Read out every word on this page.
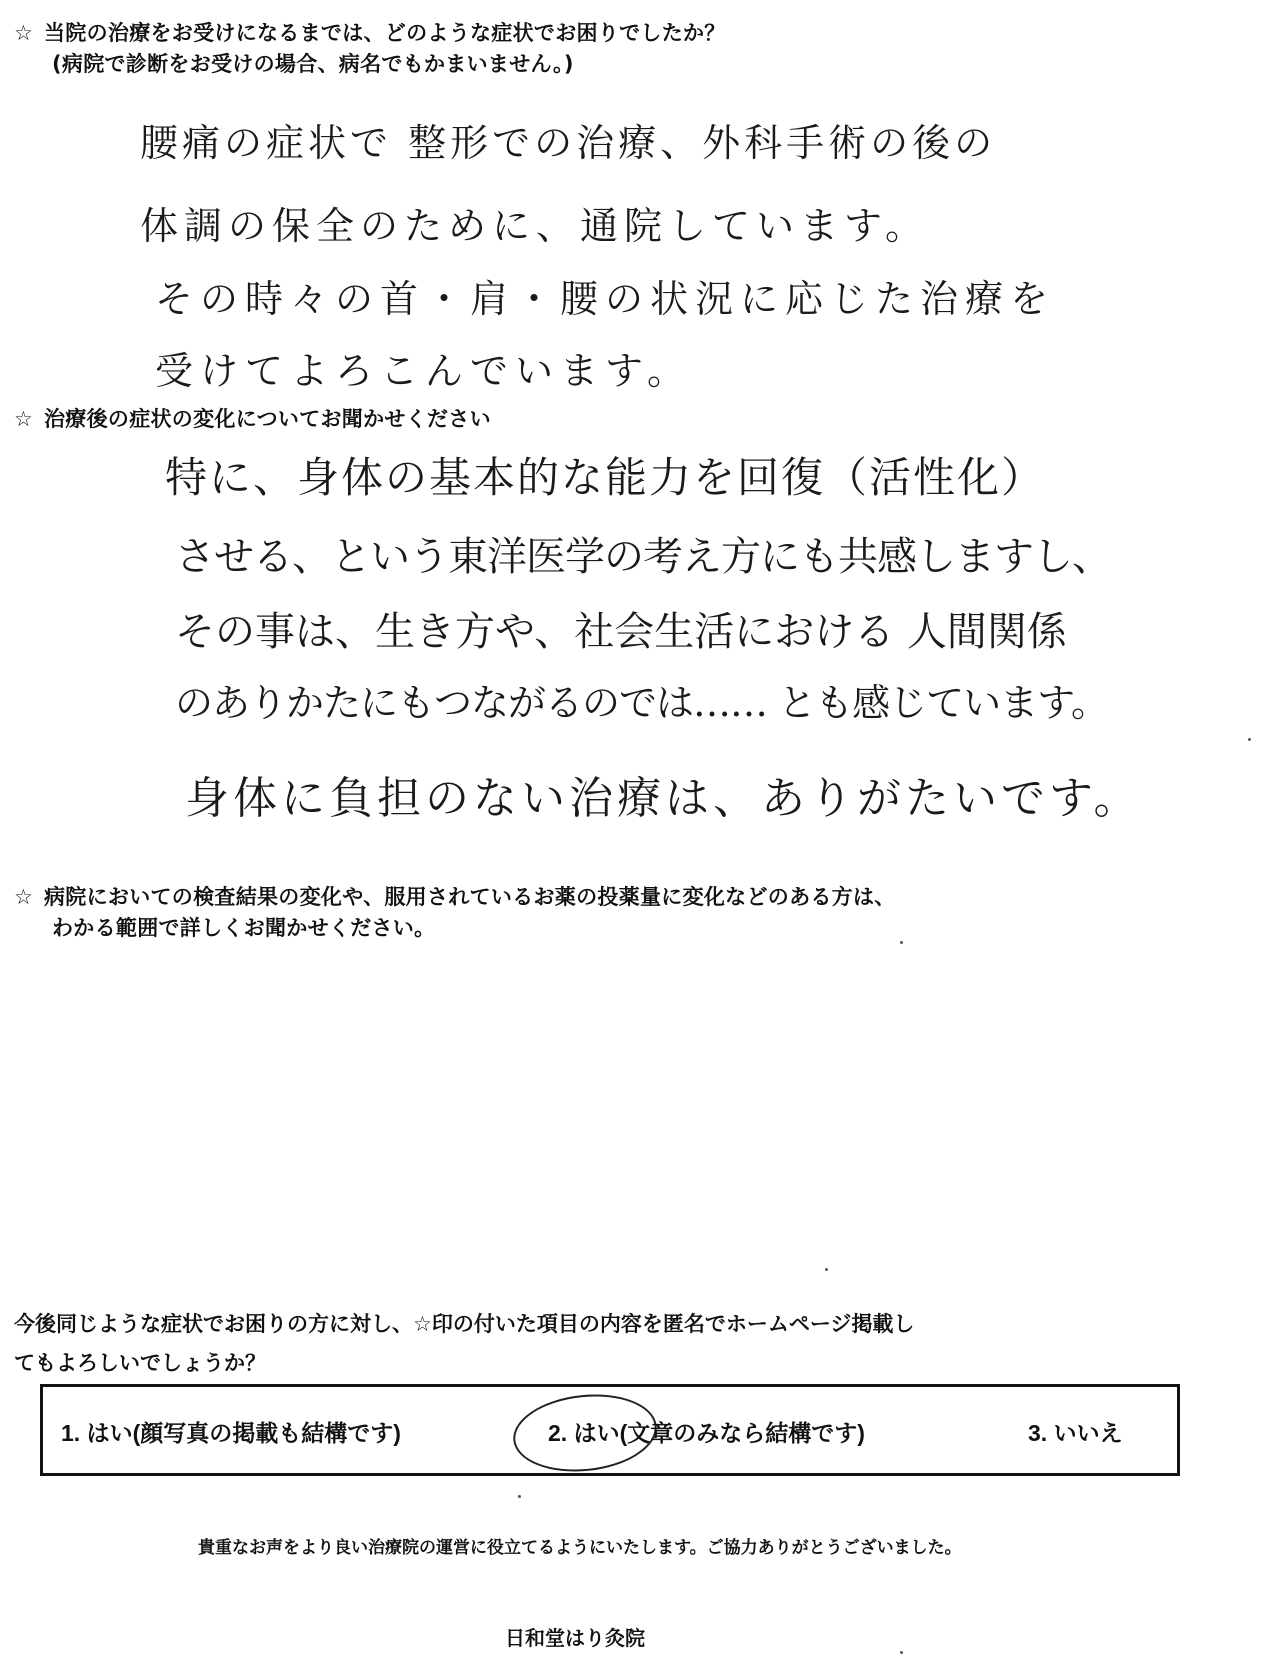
☆ 当院の治療をお受けになるまでは、どのような症状でお困りでしたか？
(病院で診断をお受けの場合、病名でもかまいません。)
腰痛の症状で 整形での治療、外科手術の後の
体調の保全のために、通院しています。
その時々の首・肩・腰の状況に応じた治療を
受けてよろこんでいます。
☆ 治療後の症状の変化についてお聞かせください
特に、身体の基本的な能力を回復（活性化）
させる、という東洋医学の考え方にも共感しますし、
その事は、生き方や、社会生活における 人間関係
のありかたにもつながるのでは…… とも感じています。
身体に負担のない治療は、ありがたいです。
☆ 病院においての検査結果の変化や、服用されているお薬の投薬量に変化などのある方は、
わかる範囲で詳しくお聞かせください。
今後同じような症状でお困りの方に対し、☆印の付いた項目の内容を匿名でホームページ掲載し
てもよろしいでしょうか？
1. はい(顔写真の掲載も結構です)	2. はい(文章のみなら結構です)	3. いいえ
貴重なお声をより良い治療院の運営に役立てるようにいたします。ご協力ありがとうございました。
日和堂はり灸院
